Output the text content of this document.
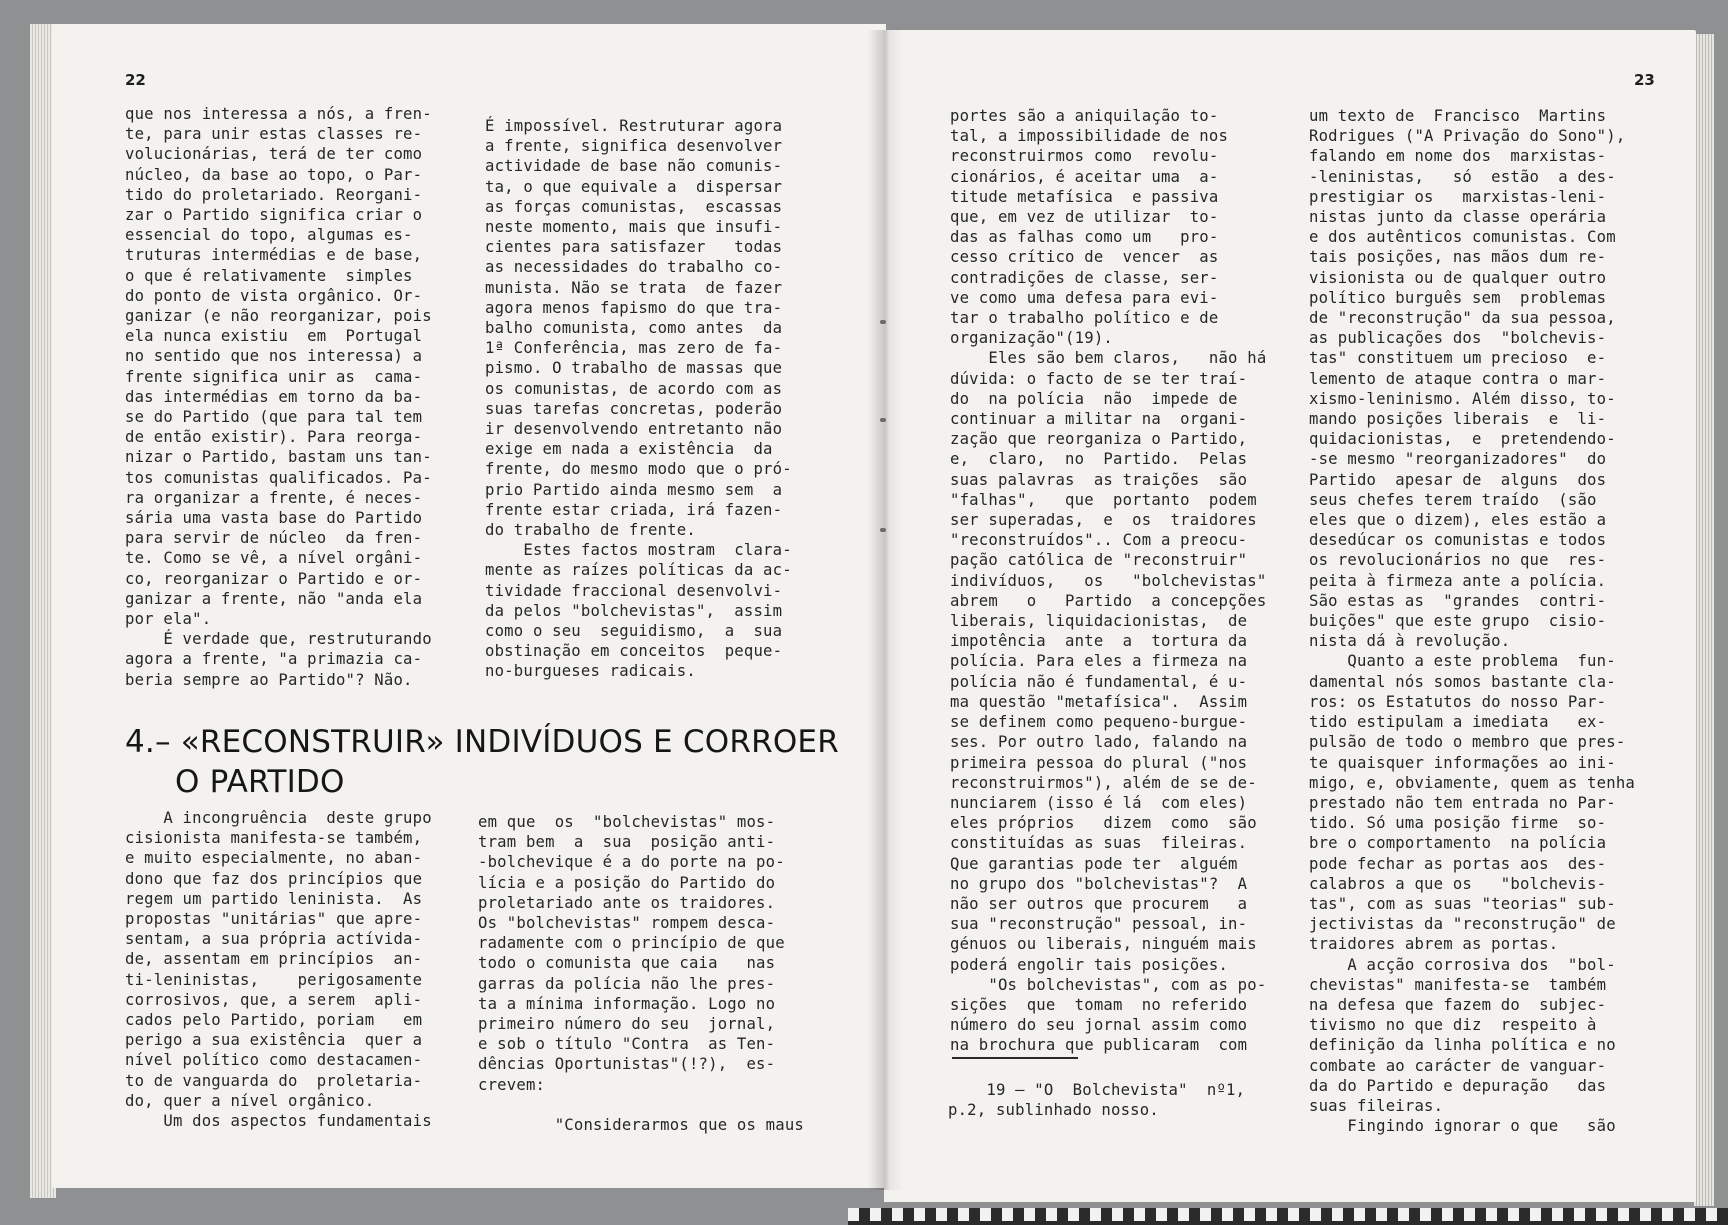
22
que nos interessa a nós, a fren-
te, para unir estas classes re-
volucionárias, terá de ter como
núcleo, da base ao topo, o Par-
tido do proletariado. Reorgani-
zar o Partido significa criar o
essencial do topo, algumas es-
truturas intermédias e de base,
o que é relativamente  simples
do ponto de vista orgânico. Or-
ganizar (e não reorganizar, pois
ela nunca existiu  em  Portugal
no sentido que nos interessa) a
frente significa unir as  cama-
das intermédias em torno da ba-
se do Partido (que para tal tem
de então existir). Para reorga-
nizar o Partido, bastam uns tan-
tos comunistas qualificados. Pa-
ra organizar a frente, é neces-
sária uma vasta base do Partido
para servir de núcleo  da fren-
te. Como se vê, a nível orgâni-
co, reorganizar o Partido e or-
ganizar a frente, não "anda ela
por ela".
É verdade que, restruturando
agora a frente, "a primazia ca-
beria sempre ao Partido"? Não.
É impossível. Restruturar agora
a frente, significa desenvolver
actividade de base não comunis-
ta, o que equivale a  dispersar
as forças comunistas,  escassas
neste momento, mais que insufi-
cientes para satisfazer   todas
as necessidades do trabalho co-
munista. Não se trata  de fazer
agora menos fapismo do que tra-
balho comunista, como antes  da
1ª Conferência, mas zero de fa-
pismo. O trabalho de massas que
os comunistas, de acordo com as
suas tarefas concretas, poderão
ir desenvolvendo entretanto não
exige em nada a existência  da
frente, do mesmo modo que o pró-
prio Partido ainda mesmo sem  a
frente estar criada, irá fazen-
do trabalho de frente.
Estes factos mostram  clara-
mente as raízes políticas da ac-
tividade fraccional desenvolvi-
da pelos "bolchevistas",  assim
como o seu  seguidismo,  a  sua
obstinação em conceitos  peque-
no-burgueses radicais.
4.– «RECONSTRUIR» INDIVÍDUOS E CORROER
O PARTIDO
A incongruência  deste grupo
cisionista manifesta-se também,
e muito especialmente, no aban-
dono que faz dos princípios que
regem um partido leninista.  As
propostas "unitárias" que apre-
sentam, a sua própria actívida-
de, assentam em princípios  an-
ti-leninistas,    perigosamente
corrosivos, que, a serem  apli-
cados pelo Partido, poriam   em
perigo a sua existência  quer a
nível político como destacamen-
to de vanguarda do  proletaria-
do, quer a nível orgânico.
Um dos aspectos fundamentais
em que  os  "bolchevistas" mos-
tram bem  a  sua  posição anti-
-bolchevique é a do porte na po-
lícia e a posição do Partido do
proletariado ante os traidores.
Os "bolchevistas" rompem desca-
radamente com o princípio de que
todo o comunista que caia   nas
garras da polícia não lhe pres-
ta a mínima informação. Logo no
primeiro número do seu  jornal,
e sob o título "Contra  as Ten-
dências Oportunistas"(!?),  es-
crevem:

"Considerarmos que os maus
23
portes são a aniquilação to-
tal, a impossibilidade de nos
reconstruirmos como  revolu-
cionários, é aceitar uma  a-
titude metafísica  e passiva
que, em vez de utilizar  to-
das as falhas como um   pro-
cesso crítico de  vencer  as
contradições de classe, ser-
ve como uma defesa para evi-
tar o trabalho político e de
organização"(19).
Eles são bem claros,   não há
dúvida: o facto de se ter traí-
do  na polícia  não  impede de
continuar a militar na  organi-
zação que reorganiza o Partido,
e,  claro,  no  Partido.  Pelas
suas palavras  as traições  são
"falhas",   que  portanto  podem
ser superadas,  e  os  traidores
"reconstruídos".. Com a preocu-
pação católica de "reconstruir"
indivíduos,   os   "bolchevistas"
abrem   o   Partido  a concepções
liberais, liquidacionistas,  de
impotência  ante  a  tortura da
polícia. Para eles a firmeza na
polícia não é fundamental, é u-
ma questão "metafísica".  Assim
se definem como pequeno-burgue-
ses. Por outro lado, falando na
primeira pessoa do plural ("nos
reconstruirmos"), além de se de-
nunciarem (isso é lá  com eles)
eles próprios   dizem  como  são
constituídas as suas  fileiras.
Que garantias pode ter  alguém
no grupo dos "bolchevistas"?  A
não ser outros que procurem   a
sua "reconstrução" pessoal, in-
génuos ou liberais, ninguém mais
poderá engolir tais posições.
"Os bolchevistas", com as po-
sições  que  tomam  no referido
número do seu jornal assim como
na brochura que publicaram  com
19 — "O  Bolchevista"  nº1,
p.2, sublinhado nosso.
um texto de  Francisco  Martins
Rodrigues ("A Privação do Sono"),
falando em nome dos  marxistas-
-leninistas,   só  estão  a des-
prestigiar os   marxistas-leni-
nistas junto da classe operária
e dos autênticos comunistas. Com
tais posições, nas mãos dum re-
visionista ou de qualquer outro
político burguês sem  problemas
de "reconstrução" da sua pessoa,
as publicações dos  "bolchevis-
tas" constituem um precioso  e-
lemento de ataque contra o mar-
xismo-leninismo. Além disso, to-
mando posições liberais  e  li-
quidacionistas,  e  pretendendo-
-se mesmo "reorganizadores"  do
Partido  apesar de  alguns  dos
seus chefes terem traído  (são
eles que o dizem), eles estão a
desedúcar os comunistas e todos
os revolucionários no que  res-
peita à firmeza ante a polícia.
São estas as  "grandes  contri-
buições" que este grupo  cisio-
nista dá à revolução.
Quanto a este problema  fun-
damental nós somos bastante cla-
ros: os Estatutos do nosso Par-
tido estipulam a imediata   ex-
pulsão de todo o membro que pres-
te quaisquer informações ao ini-
migo, e, obviamente, quem as tenha
prestado não tem entrada no Par-
tido. Só uma posição firme  so-
bre o comportamento  na polícia
pode fechar as portas aos  des-
calabros a que os   "bolchevis-
tas", com as suas "teorias" sub-
jectivistas da "reconstrução" de
traidores abrem as portas.
A acção corrosiva dos  "bol-
chevistas" manifesta-se  também
na defesa que fazem do  subjec-
tivismo no que diz  respeito à
definição da linha política e no
combate ao carácter de vanguar-
da do Partido e depuração   das
suas fileiras.
Fingindo ignorar o que   são
